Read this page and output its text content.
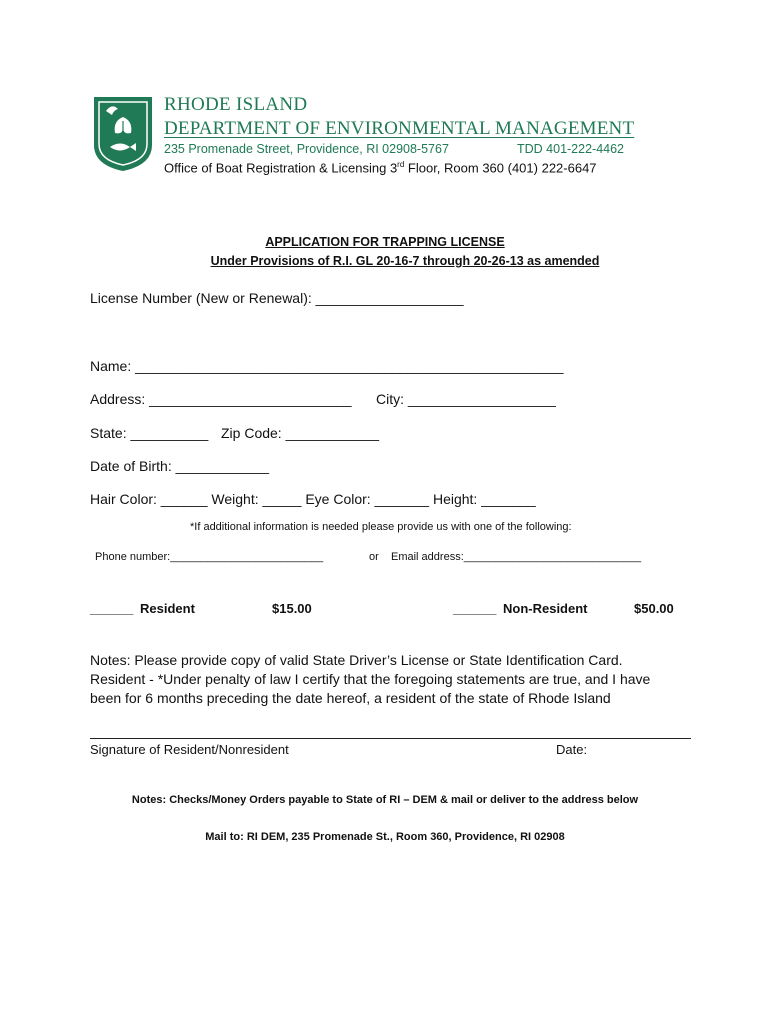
RHODE ISLAND
DEPARTMENT OF ENVIRONMENTAL MANAGEMENT
235 Promenade Street, Providence, RI 02908-5767	TDD 401-222-4462
Office of Boat Registration & Licensing 3rd Floor, Room 360 (401) 222-6647
APPLICATION FOR TRAPPING LICENSE
Under Provisions of R.I. GL 20-16-7 through 20-26-13 as amended
License Number (New or Renewal): ___________________
Name: _______________________________________________________
Address: __________________________ City: ___________________
State: __________ Zip Code: ____________
Date of Birth: ____________
Hair Color: ______ Weight: _____ Eye Color: _______ Height: _______
*If additional information is needed please provide us with one of the following:
Phone number:_________________________	or Email address:_____________________________
______ Resident	$15.00	______ Non-Resident	$50.00
Notes: Please provide copy of valid State Driver’s License or State Identification Card.
Resident - *Under penalty of law I certify that the foregoing statements are true, and I have
been for 6 months preceding the date hereof, a resident of the state of Rhode Island
Signature of Resident/Nonresident	Date:
Notes: Checks/Money Orders payable to State of RI – DEM & mail or deliver to the address below
Mail to: RI DEM, 235 Promenade St., Room 360, Providence, RI 02908
